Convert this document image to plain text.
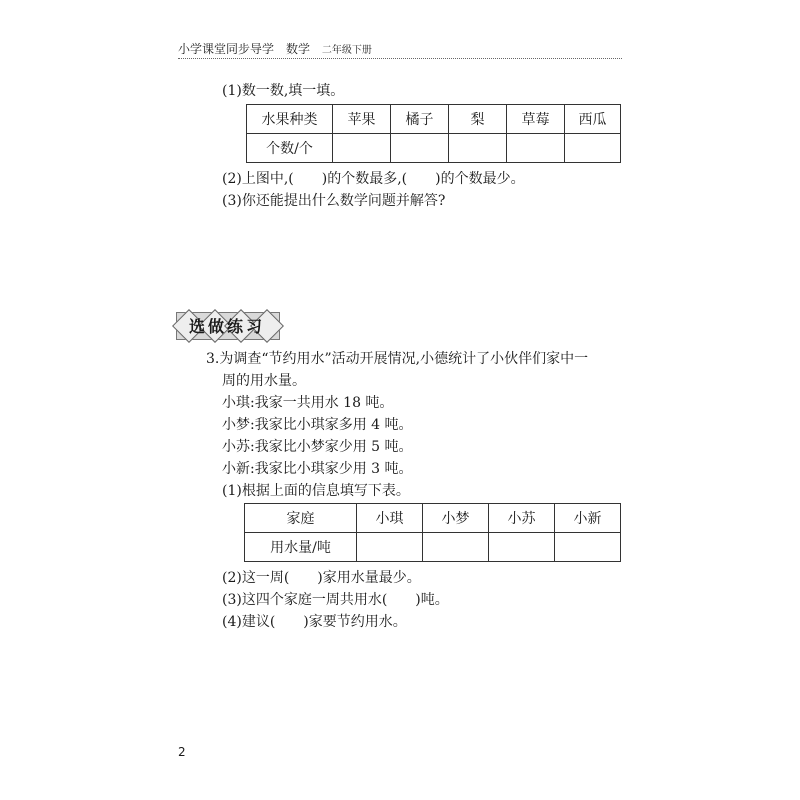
小学课堂同步导学　数学 二年级下册
(1)数一数,填一填。
水果种类	苹果	橘子	梨	草莓	西瓜
个数/个					
(2)上图中,(　　)的个数最多,(　　)的个数最少。
(3)你还能提出什么数学问题并解答?
选做练习
3.为调查“节约用水”活动开展情况,小德统计了小伙伴们家中一
周的用水量。
小琪:我家一共用水 18 吨。
小梦:我家比小琪家多用 4 吨。
小苏:我家比小梦家少用 5 吨。
小新:我家比小琪家少用 3 吨。
(1)根据上面的信息填写下表。
家庭	小琪	小梦	小苏	小新
用水量/吨				
(2)这一周(　　)家用水量最少。
(3)这四个家庭一周共用水(　　)吨。
(4)建议(　　)家要节约用水。
2
